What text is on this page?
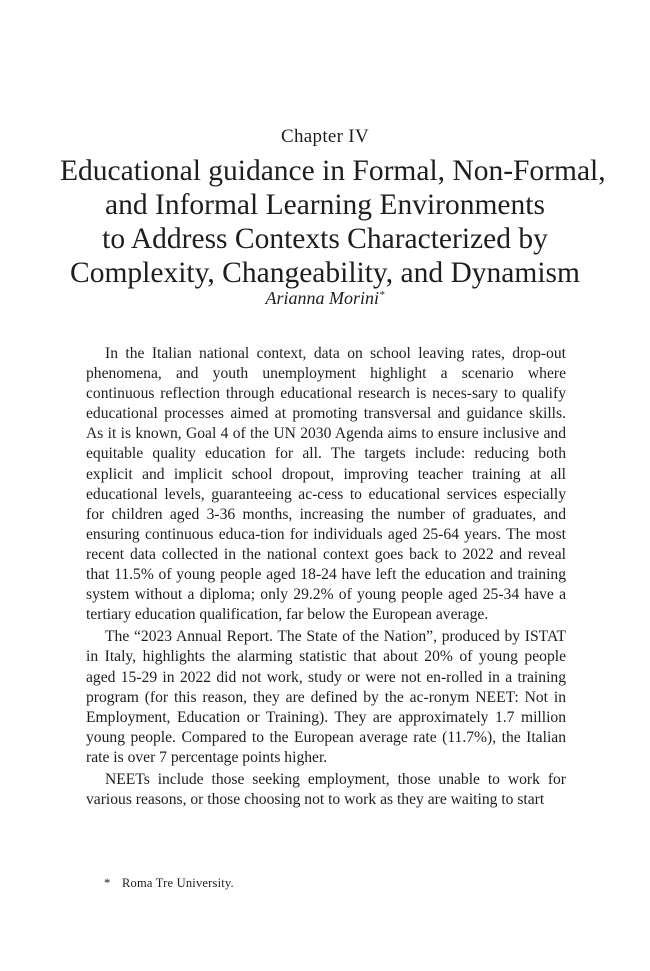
Chapter IV
Educational guidance in Formal, Non-Formal,
and Informal Learning Environments
to Address Contexts Characterized by
Complexity, Changeability, and Dynamism
Arianna Morini*

In the Italian national context, data on school leaving rates, drop-out phenomena, and youth unemployment highlight a scenario where continuous reflection through educational research is neces-sary to qualify educational processes aimed at promoting transversal and guidance skills. As it is known, Goal 4 of the UN 2030 Agenda aims to ensure inclusive and equitable quality education for all. The targets include: reducing both explicit and implicit school dropout, improving teacher training at all educational levels, guaranteeing ac-cess to educational services especially for children aged 3-36 months, increasing the number of graduates, and ensuring continuous educa-tion for individuals aged 25-64 years. The most recent data collected in the national context goes back to 2022 and reveal that 11.5% of young people aged 18-24 have left the education and training system without a diploma; only 29.2% of young people aged 25-34 have a tertiary education qualification, far below the European average.

The “2023 Annual Report. The State of the Nation”, produced by ISTAT in Italy, highlights the alarming statistic that about 20% of young people aged 15-29 in 2022 did not work, study or were not en-rolled in a training program (for this reason, they are defined by the ac-ronym NEET: Not in Employment, Education or Training). They are approximately 1.7 million young people. Compared to the European average rate (11.7%), the Italian rate is over 7 percentage points higher.

NEETs include those seeking employment, those unable to work for various reasons, or those choosing not to work as they are waiting to start

* Roma Tre University.
